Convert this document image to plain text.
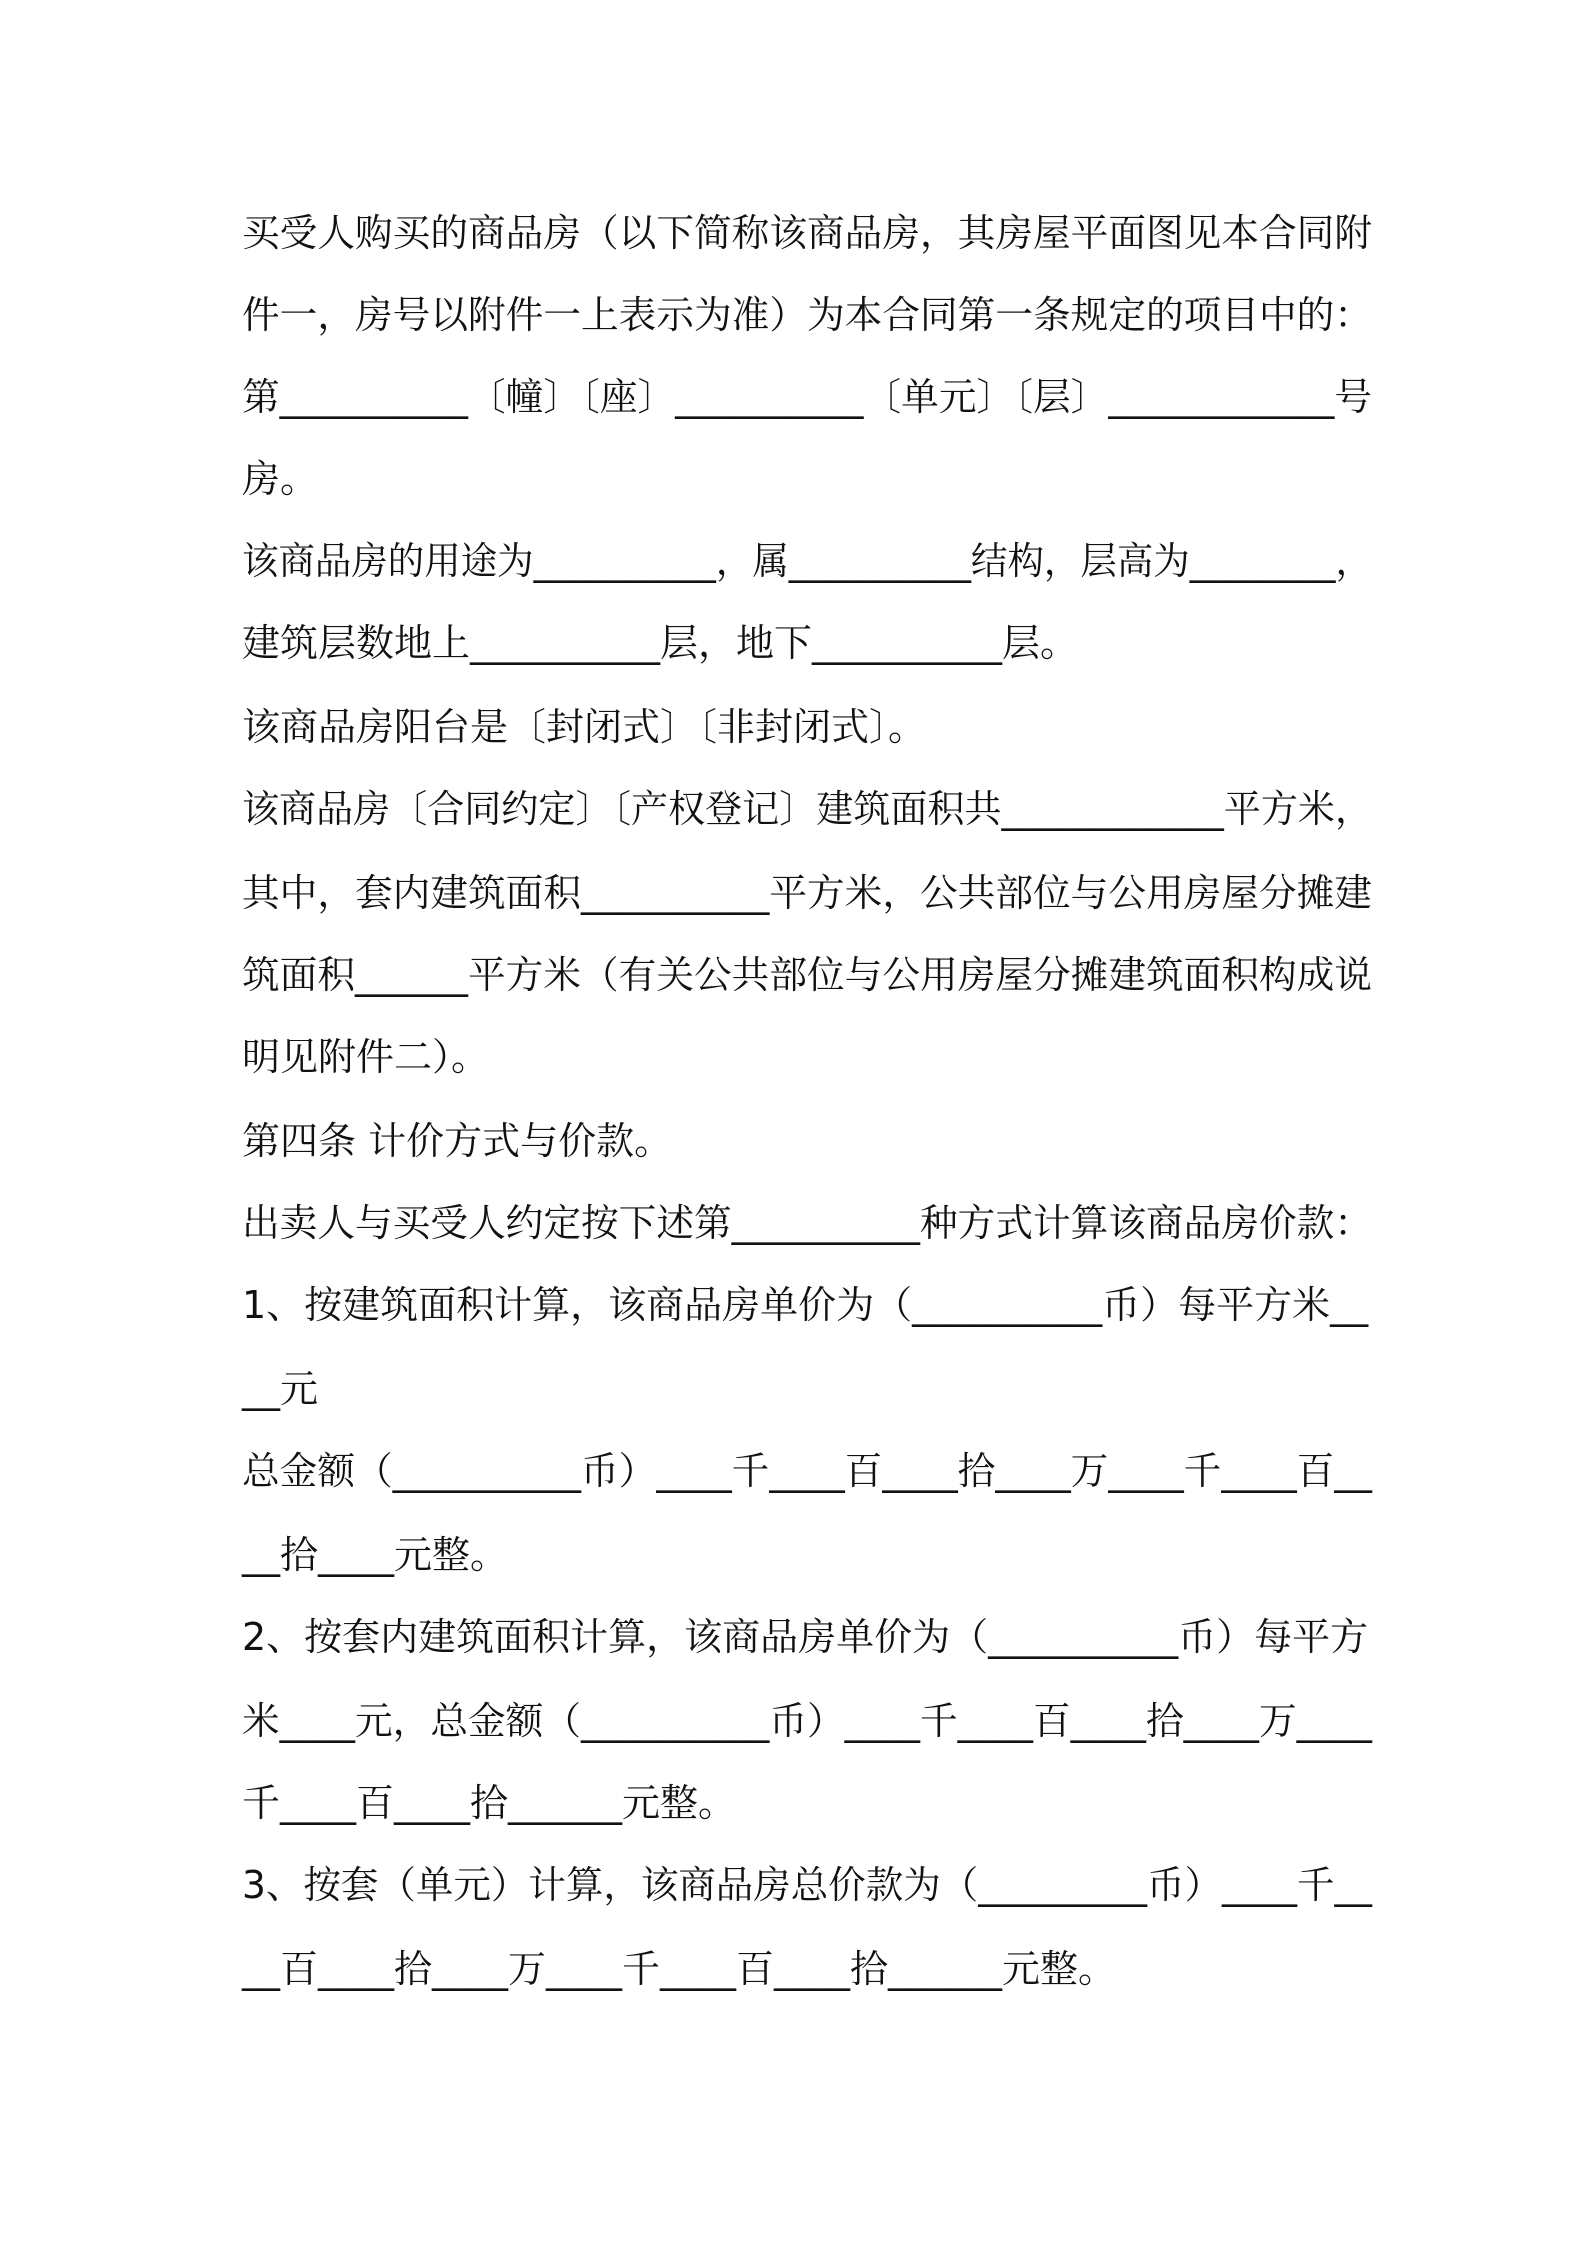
买受人购买的商品房（以下简称该商品房，其房屋平面图见本合同附
件一，房号以附件一上表示为准）为本合同第一条规定的项目中的：
第__________〔幢〕〔座〕__________〔单元〕〔层〕____________号
房。
该商品房的用途为__________，属__________结构，层高为________，
建筑层数地上__________层，地下__________层。
该商品房阳台是〔封闭式〕〔非封闭式〕。
该商品房〔合同约定〕〔产权登记〕建筑面积共____________平方米，
其中，套内建筑面积__________平方米，公共部位与公用房屋分摊建
筑面积______平方米（有关公共部位与公用房屋分摊建筑面积构成说
明见附件二）。
第四条 计价方式与价款。
出卖人与买受人约定按下述第__________种方式计算该商品房价款：
1、按建筑面积计算，该商品房单价为（__________币）每平方米__
__元
总金额（__________币）____千____百____拾____万____千____百__
__拾____元整。
2、按套内建筑面积计算，该商品房单价为（__________币）每平方
米____元，总金额（__________币）____千____百____拾____万____
千____百____拾______元整。
3、按套（单元）计算，该商品房总价款为（_________币）____千__
__百____拾____万____千____百____拾______元整。
